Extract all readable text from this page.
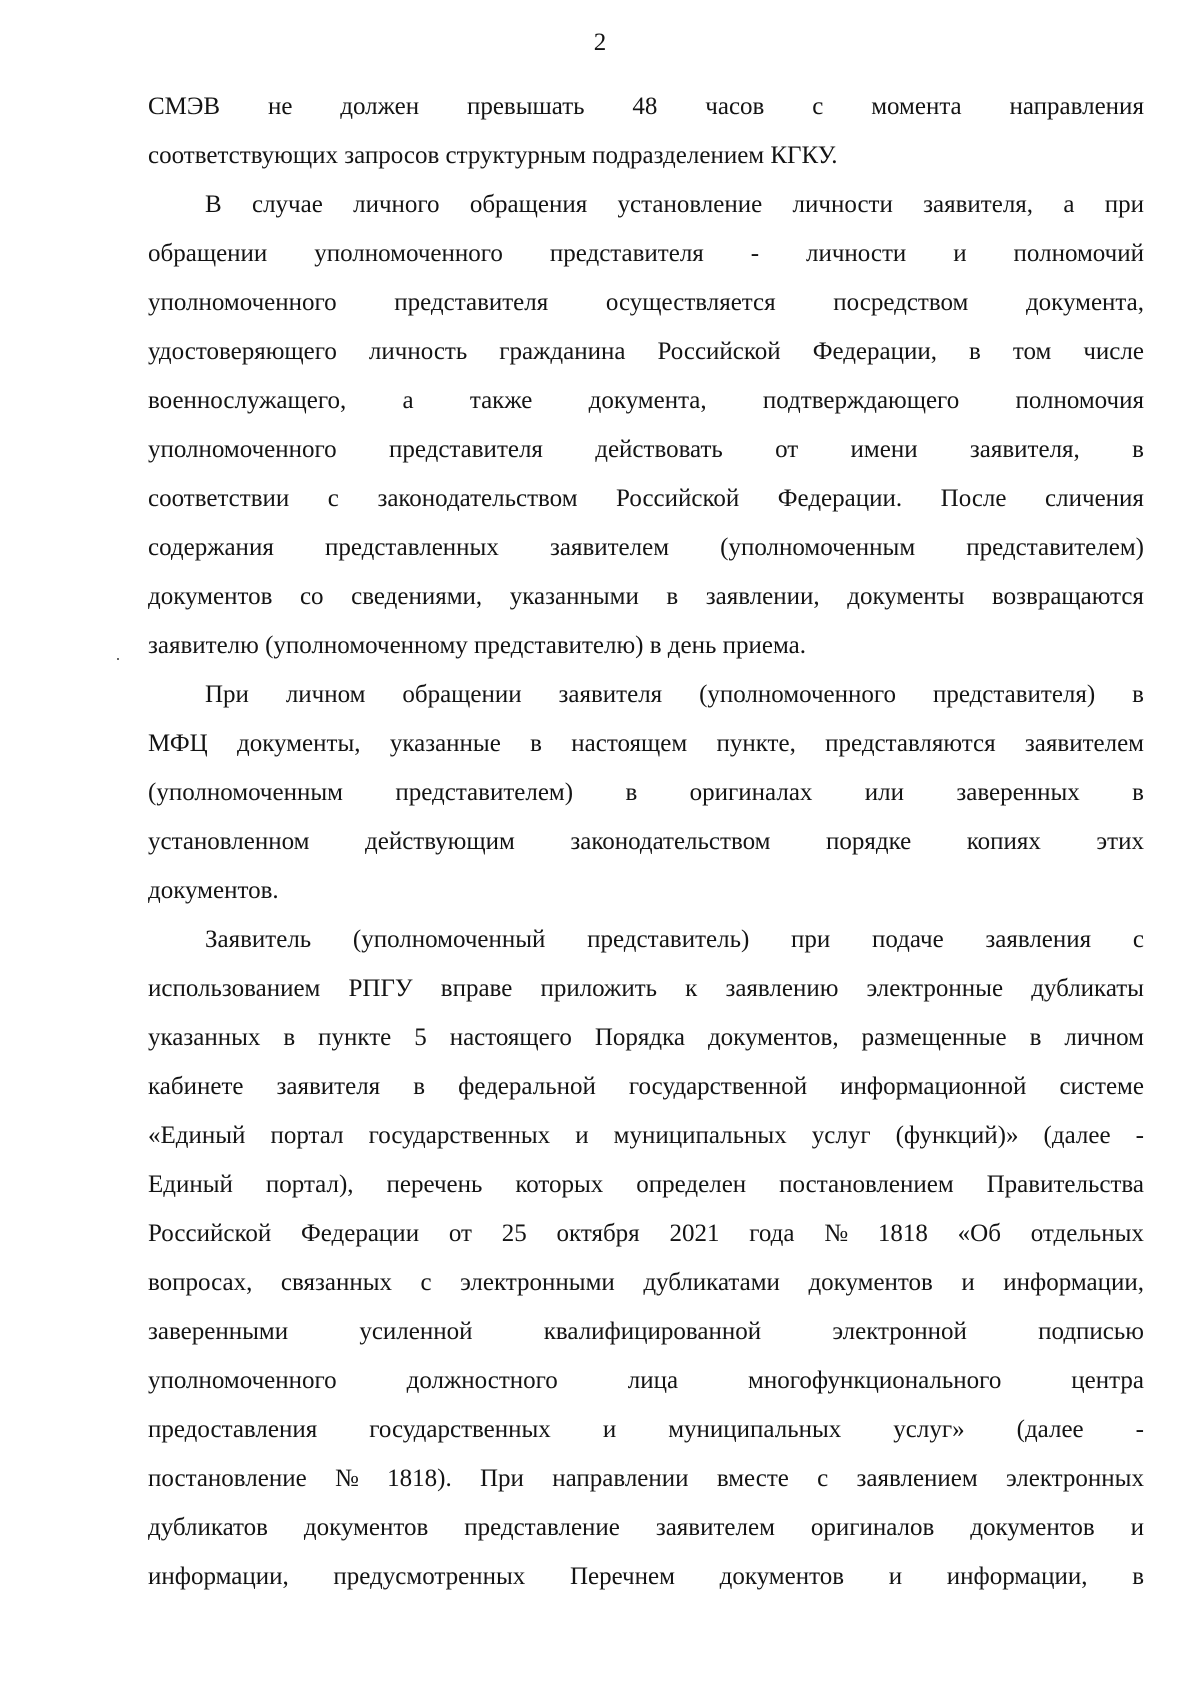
2
СМЭВ не должен превышать 48 часов с момента направления
соответствующих запросов структурным подразделением КГКУ.
В случае личного обращения установление личности заявителя, а при
обращении уполномоченного представителя - личности и полномочий
уполномоченного представителя осуществляется посредством документа,
удостоверяющего личность гражданина Российской Федерации, в том числе
военнослужащего, а также документа, подтверждающего полномочия
уполномоченного представителя действовать от имени заявителя, в
соответствии с законодательством Российской Федерации. После сличения
содержания представленных заявителем (уполномоченным представителем)
документов со сведениями, указанными в заявлении, документы возвращаются
заявителю (уполномоченному представителю) в день приема.
При личном обращении заявителя (уполномоченного представителя) в
МФЦ документы, указанные в настоящем пункте, представляются заявителем
(уполномоченным представителем) в оригиналах или заверенных в
установленном действующим законодательством порядке копиях этих
документов.
Заявитель (уполномоченный представитель) при подаче заявления с
использованием РПГУ вправе приложить к заявлению электронные дубликаты
указанных в пункте 5 настоящего Порядка документов, размещенные в личном
кабинете заявителя в федеральной государственной информационной системе
«Единый портал государственных и муниципальных услуг (функций)» (далее -
Единый портал), перечень которых определен постановлением Правительства
Российской Федерации от 25 октября 2021 года № 1818 «Об отдельных
вопросах, связанных с электронными дубликатами документов и информации,
заверенными	усиленной	квалифицированной	электронной	подписью
уполномоченного	должностного	лица	многофункционального	центра
предоставления государственных и муниципальных услуг» (далее -
постановление № 1818). При направлении вместе с заявлением электронных
дубликатов документов представление заявителем оригиналов документов и
информации, предусмотренных Перечнем документов и информации, в
